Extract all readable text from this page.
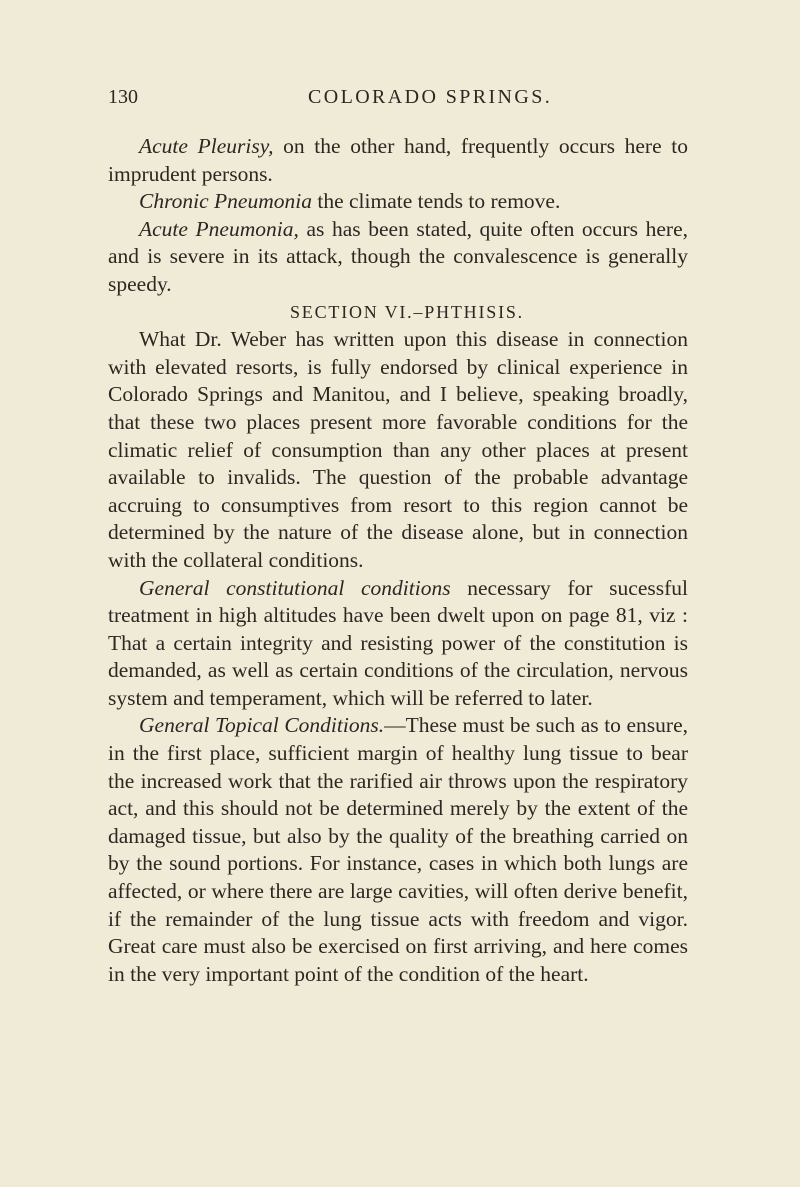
130	COLORADO SPRINGS.

Acute Pleurisy, on the other hand, frequently occurs here to imprudent persons.

Chronic Pneumonia the climate tends to remove.

Acute Pneumonia, as has been stated, quite often occurs here, and is severe in its attack, though the convalescence is generally speedy.

SECTION VI.–PHTHISIS.

What Dr. Weber has written upon this disease in connection with elevated resorts, is fully endorsed by clinical experience in Colorado Springs and Manitou, and I believe, speaking broadly, that these two places present more favorable conditions for the climatic relief of consumption than any other places at present available to invalids. The question of the probable advantage accruing to consumptives from resort to this region cannot be determined by the nature of the disease alone, but in connection with the collateral conditions.

General constitutional conditions necessary for sucessful treatment in high altitudes have been dwelt upon on page 81, viz : That a certain integrity and resisting power of the constitution is demanded, as well as certain conditions of the circulation, nervous system and temperament, which will be referred to later.

General Topical Conditions.—These must be such as to ensure, in the first place, sufficient margin of healthy lung tissue to bear the increased work that the rarified air throws upon the respiratory act, and this should not be determined merely by the extent of the damaged tissue, but also by the quality of the breathing carried on by the sound portions. For instance, cases in which both lungs are affected, or where there are large cavities, will often derive benefit, if the remainder of the lung tissue acts with freedom and vigor. Great care must also be exercised on first arriving, and here comes in the very important point of the condition of the heart.
